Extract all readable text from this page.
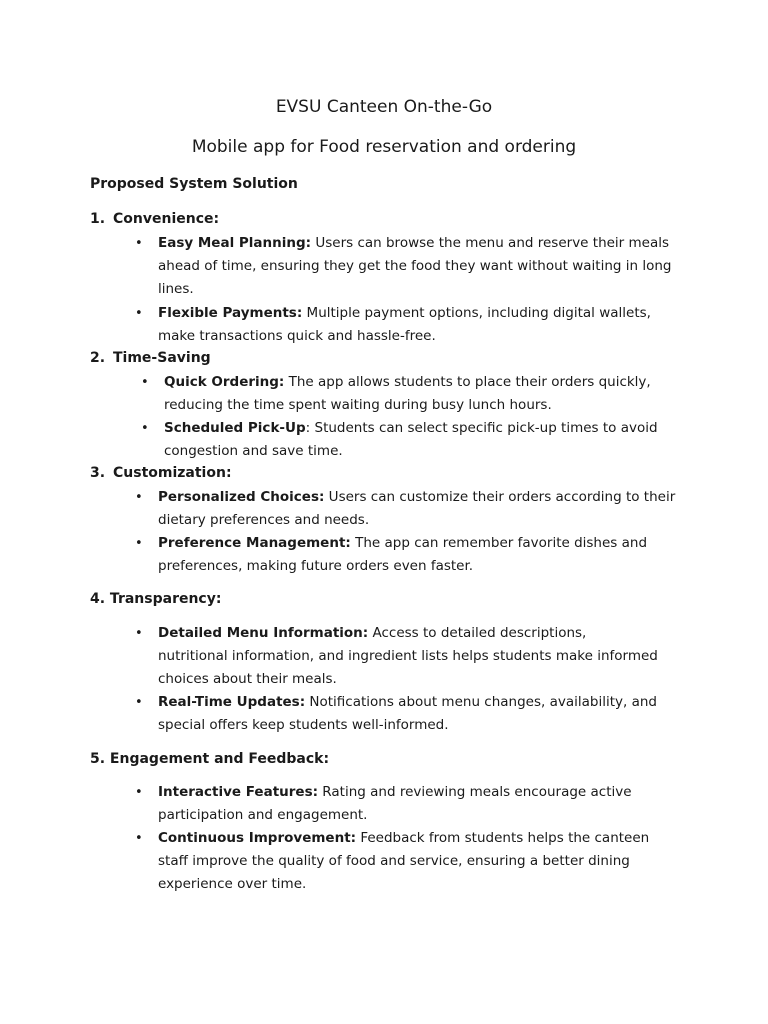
EVSU Canteen On-the-Go
Mobile app for Food reservation and ordering
Proposed System Solution
1. Convenience:
• Easy Meal Planning: Users can browse the menu and reserve their meals ahead of time, ensuring they get the food they want without waiting in long lines.
• Flexible Payments: Multiple payment options, including digital wallets, make transactions quick and hassle-free.
2. Time-Saving
• Quick Ordering: The app allows students to place their orders quickly, reducing the time spent waiting during busy lunch hours.
• Scheduled Pick-Up: Students can select specific pick-up times to avoid congestion and save time.
3. Customization:
• Personalized Choices: Users can customize their orders according to their dietary preferences and needs.
• Preference Management: The app can remember favorite dishes and preferences, making future orders even faster.
4. Transparency:
• Detailed Menu Information: Access to detailed descriptions, nutritional information, and ingredient lists helps students make informed choices about their meals.
• Real-Time Updates: Notifications about menu changes, availability, and special offers keep students well-informed.
5. Engagement and Feedback:
• Interactive Features: Rating and reviewing meals encourage active participation and engagement.
• Continuous Improvement: Feedback from students helps the canteen staff improve the quality of food and service, ensuring a better dining experience over time.
